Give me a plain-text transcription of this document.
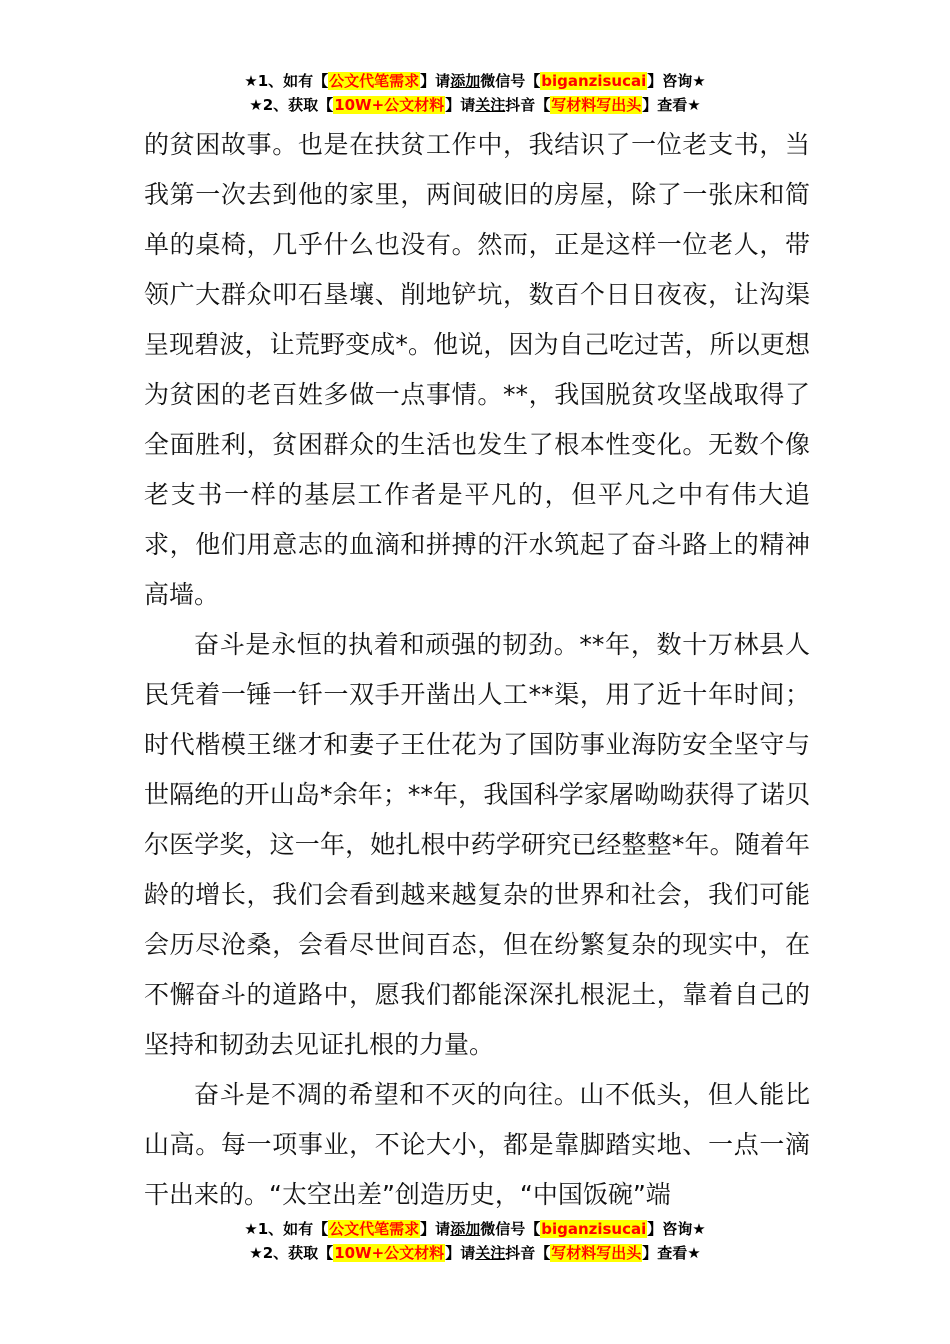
★1、如有【公文代笔需求】请添加微信号【biganzisucai】咨询★
★2、获取【10W+公文材料】请关注抖音【写材料写出头】查看★

的贫困故事。也是在扶贫工作中，我结识了一位老支书，当我第一次去到他的家里，两间破旧的房屋，除了一张床和简单的桌椅，几乎什么也没有。然而，正是这样一位老人，带领广大群众叩石垦壤、削地铲坑，数百个日日夜夜，让沟渠呈现碧波，让荒野变成*。他说，因为自己吃过苦，所以更想为贫困的老百姓多做一点事情。**，我国脱贫攻坚战取得了全面胜利，贫困群众的生活也发生了根本性变化。无数个像老支书一样的基层工作者是平凡的，但平凡之中有伟大追求，他们用意志的血滴和拼搏的汗水筑起了奋斗路上的精神高墙。

奋斗是永恒的执着和顽强的韧劲。**年，数十万林县人民凭着一锤一钎一双手开凿出人工**渠，用了近十年时间；时代楷模王继才和妻子王仕花为了国防事业海防安全坚守与世隔绝的开山岛*余年；**年，我国科学家屠呦呦获得了诺贝尔医学奖，这一年，她扎根中药学研究已经整整*年。随着年龄的增长，我们会看到越来越复杂的世界和社会，我们可能会历尽沧桑，会看尽世间百态，但在纷繁复杂的现实中，在不懈奋斗的道路中，愿我们都能深深扎根泥土，靠着自己的坚持和韧劲去见证扎根的力量。

奋斗是不凋的希望和不灭的向往。山不低头，但人能比山高。每一项事业，不论大小，都是靠脚踏实地、一点一滴干出来的。“太空出差”创造历史，“中国饭碗”端

★1、如有【公文代笔需求】请添加微信号【biganzisucai】咨询★
★2、获取【10W+公文材料】请关注抖音【写材料写出头】查看★
